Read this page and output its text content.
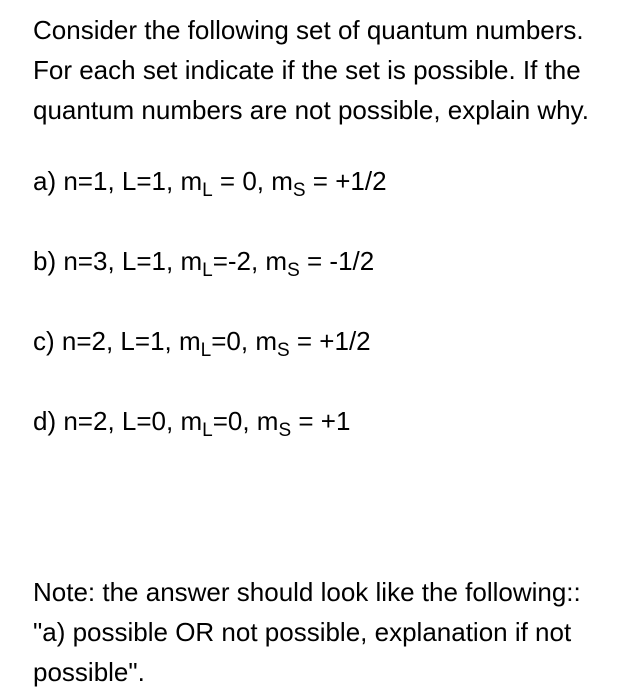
Consider the following set of quantum numbers. For each set indicate if the set is possible. If the quantum numbers are not possible, explain why.

a) n=1, L=1, $m_L = 0$, $m_S = +1/2$
b) n=3, L=1, $m_L=-2$, $m_S = -1/2$
c) n=2, L=1, $m_L=0$, $m_S = +1/2$
d) n=2, L=0, $m_L=0$, $m_S = +1$

Note: the answer should look like the following:: "a) possible OR not possible, explanation if not possible".
